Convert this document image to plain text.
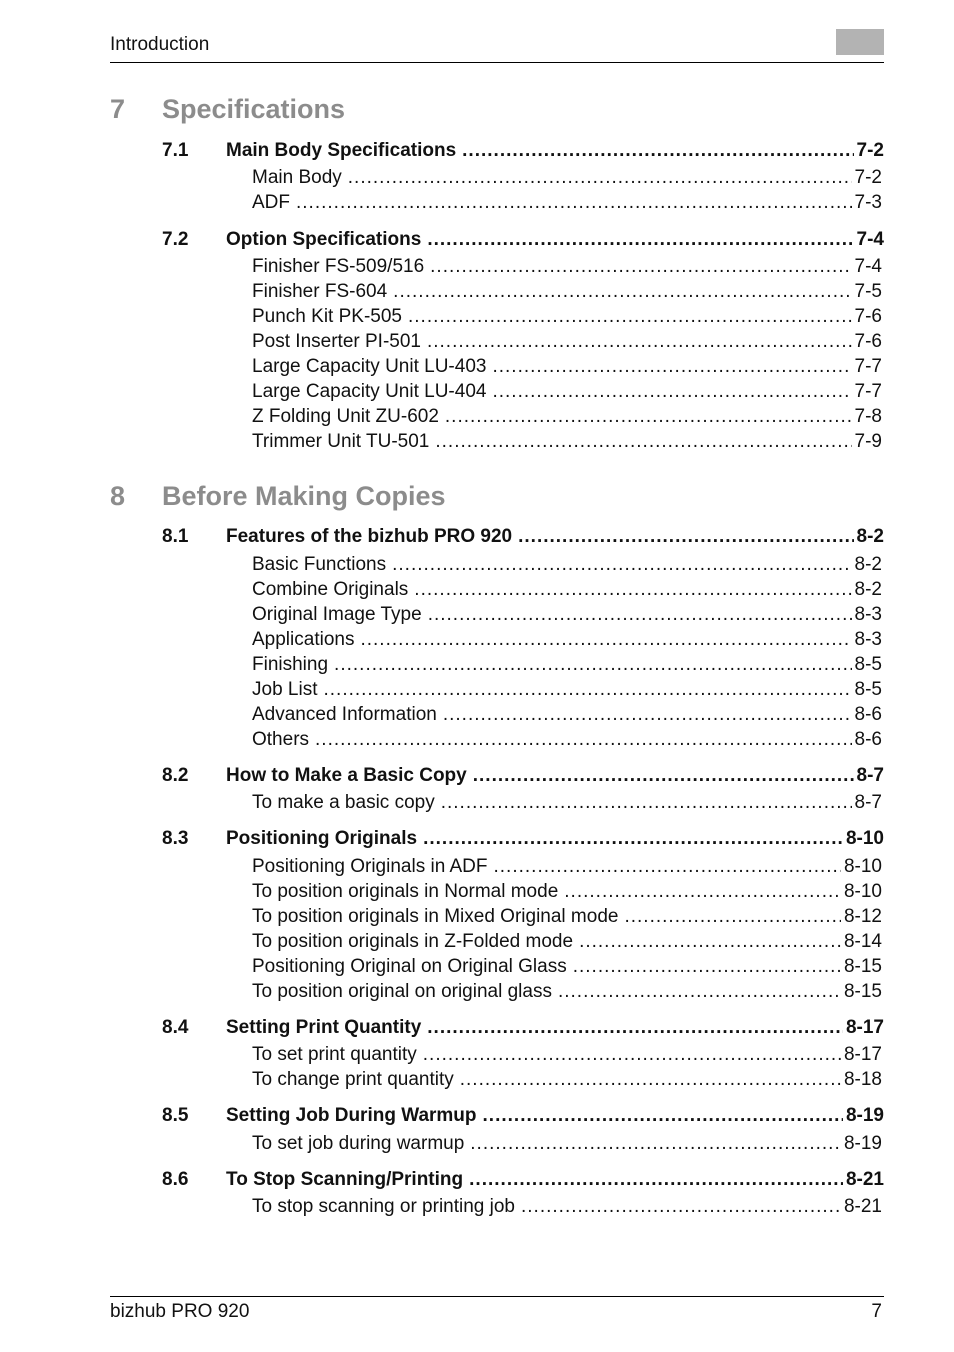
Introduction
7 Specifications
7.1 Main Body Specifications .....	7-2
Main Body .....	7-2
ADF .....	7-3
7.2 Option Specifications .....	7-4
Finisher FS-509/516 .....	7-4
Finisher FS-604 .....	7-5
Punch Kit PK-505 .....	7-6
Post Inserter PI-501 .....	7-6
Large Capacity Unit LU-403 .....	7-7
Large Capacity Unit LU-404 .....	7-7
Z Folding Unit ZU-602 .....	7-8
Trimmer Unit TU-501 .....	7-9
8 Before Making Copies
8.1 Features of the bizhub PRO 920 .....	8-2
Basic Functions .....	8-2
Combine Originals .....	8-2
Original Image Type .....	8-3
Applications .....	8-3
Finishing .....	8-5
Job List .....	8-5
Advanced Information .....	8-6
Others .....	8-6
8.2 How to Make a Basic Copy .....	8-7
To make a basic copy .....	8-7
8.3 Positioning Originals .....	8-10
Positioning Originals in ADF .....	8-10
To position originals in Normal mode .....	8-10
To position originals in Mixed Original mode .....	8-12
To position originals in Z-Folded mode .....	8-14
Positioning Original on Original Glass .....	8-15
To position original on original glass .....	8-15
8.4 Setting Print Quantity .....	8-17
To set print quantity .....	8-17
To change print quantity .....	8-18
8.5 Setting Job During Warmup .....	8-19
To set job during warmup .....	8-19
8.6 To Stop Scanning/Printing .....	8-21
To stop scanning or printing job .....	8-21
bizhub PRO 920	7
